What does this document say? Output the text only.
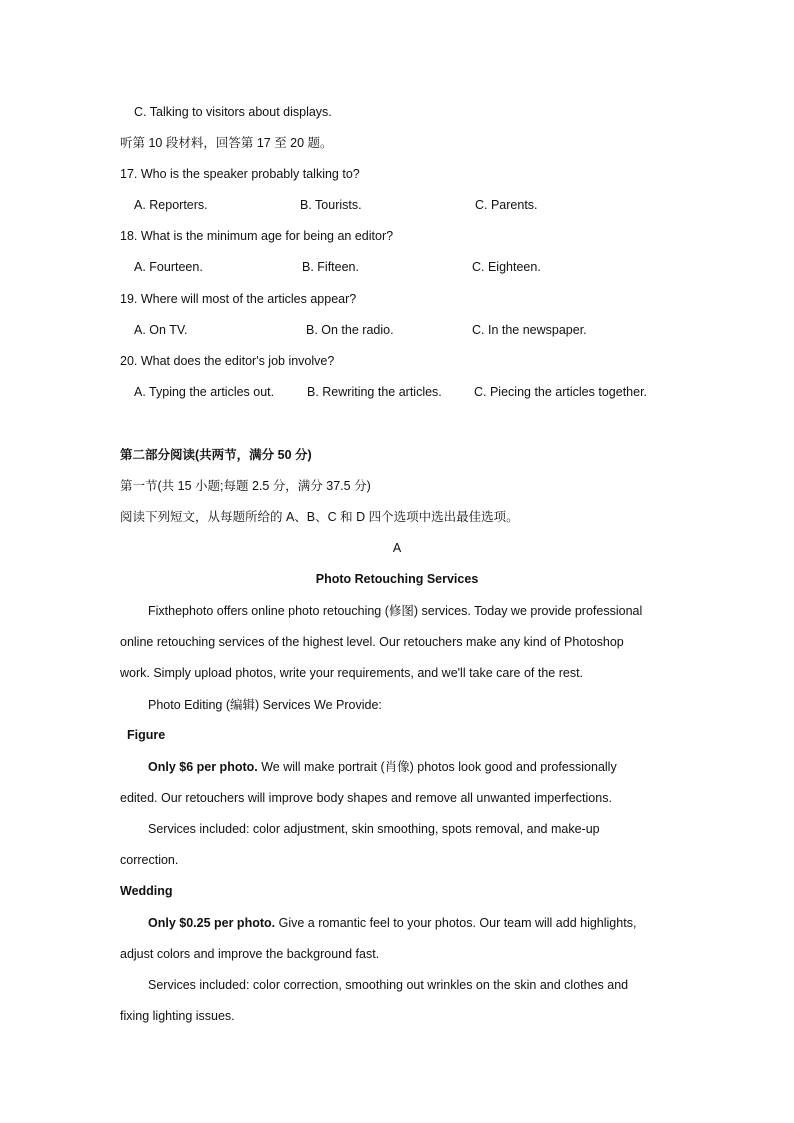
C. Talking to visitors about displays.
听第 10 段材料，回答第 17 至 20 题。
17. Who is the speaker probably talking to?
A. Reporters.	B. Tourists.	C. Parents.
18. What is the minimum age for being an editor?
A. Fourteen.	B. Fifteen.	C. Eighteen.
19. Where will most of the articles appear?
A. On TV.	B. On the radio.	C. In the newspaper.
20. What does the editor's job involve?
A. Typing the articles out.	B. Rewriting the articles.	C. Piecing the articles together.
第二部分阅读(共两节，满分 50 分)
第一节(共 15 小题;每题 2.5 分，满分 37.5 分)
阅读下列短文，从每题所给的 A、B、C 和 D 四个选项中选出最佳选项。
A
Photo Retouching Services
Fixthephoto offers online photo retouching (修图) services. Today we provide professional
online retouching services of the highest level. Our retouchers make any kind of Photoshop
work. Simply upload photos, write your requirements, and we'll take care of the rest.
Photo Editing (编辑) Services We Provide:
Figure
Only $6 per photo. We will make portrait (肖像) photos look good and professionally
edited. Our retouchers will improve body shapes and remove all unwanted imperfections.
Services included: color adjustment, skin smoothing, spots removal, and make-up
correction.
Wedding
Only $0.25 per photo. Give a romantic feel to your photos. Our team will add highlights,
adjust colors and improve the background fast.
Services included: color correction, smoothing out wrinkles on the skin and clothes and
fixing lighting issues.
